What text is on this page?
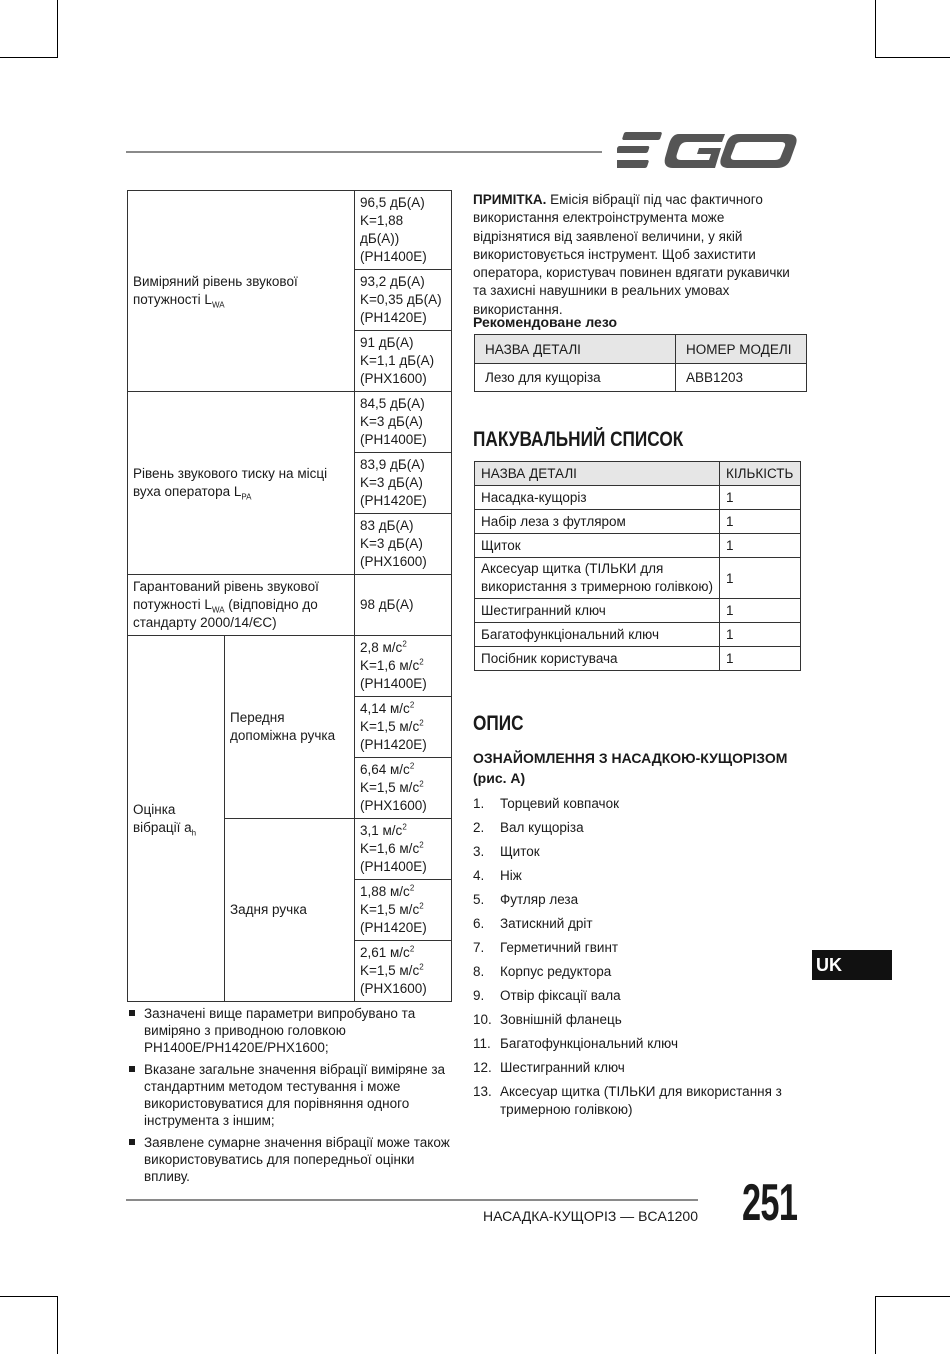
Виміряний рівень звукової потужності $L_{WA}$		96,5 дБ(A)
K=1,88 дБ(A))
(PH1400E)
		93,2 дБ(A)
K=0,35 дБ(A)
(PH1420E)
		91 дБ(A)
K=1,1 дБ(A)
(PHX1600)
Рівень звукового тиску на місці вуха оператора $L_{PA}$		84,5 дБ(A)
K=3 дБ(A)
(PH1400E)
		83,9 дБ(A)
K=3 дБ(A)
(PH1420E)
		83 дБ(A)
K=3 дБ(A)
(PHX1600)
Гарантований рівень звукової потужності $L_{WA}$ (відповідно до стандарту 2000/14/ЄС)		98 дБ(A)
Оцінка вібрації $a_h$	Передня допоміжна ручка	2,8 $м/с^2$
K=1,6 $м/с^2$
(PH1400E)
		4,14 $м/с^2$
K=1,5 $м/с^2$
(PH1420E)
		6,64 $м/с^2$
K=1,5 $м/с^2$
(PHX1600)
	Задня ручка	3,1 $м/с^2$
K=1,6 $м/с^2$
(PH1400E)
		1,88 $м/с^2$
K=1,5 $м/с^2$
(PH1420E)
		2,61 $м/с^2$
K=1,5 $м/с^2$
(PHX1600)
Зазначені вище параметри випробувано та виміряно з приводною головкою PH1400E/PH1420E/PHX1600;
Вказане загальне значення вібрації виміряне за стандартним методом тестування і може використовуватися для порівняння одного інструмента з іншим;
Заявлене сумарне значення вібрації може також використовуватись для попередньої оцінки впливу.
ПРИМІТКА. Емісія вібрації під час фактичного використання електроінструмента може відрізнятися від заявленої величини, у якій використовується інструмент. Щоб захистити оператора, користувач повинен вдягати рукавички та захисні навушники в реальних умовах використання.
Рекомендоване лезо
НАЗВА ДЕТАЛІ	НОМЕР МОДЕЛІ
Лезо для кущоріза	ABB1203
ПАКУВАЛЬНИЙ СПИСОК
НАЗВА ДЕТАЛІ	КІЛЬКІСТЬ
Насадка-кущоріз	1
Набір леза з футляром	1
Щиток	1
Аксесуар щитка (ТІЛЬКИ для використання з тримерною голівкою)	1
Шестигранний ключ	1
Багатофункціональний ключ	1
Посібник користувача	1
ОПИС
ОЗНАЙОМЛЕННЯ З НАСАДКОЮ-КУЩОРІЗОМ (рис. A)
1. Торцевий ковпачок
2. Вал кущоріза
3. Щиток
4. Ніж
5. Футляр леза
6. Затискний дріт
7. Герметичний гвинт
8. Корпус редуктора
9. Отвір фіксації вала
10. Зовнішній фланець
11. Багатофункціональний ключ
12. Шестигранний ключ
13. Аксесуар щитка (ТІЛЬКИ для використання з тримерною голівкою)
UK
НАСАДКА-КУЩОРІЗ — BCA1200 251
